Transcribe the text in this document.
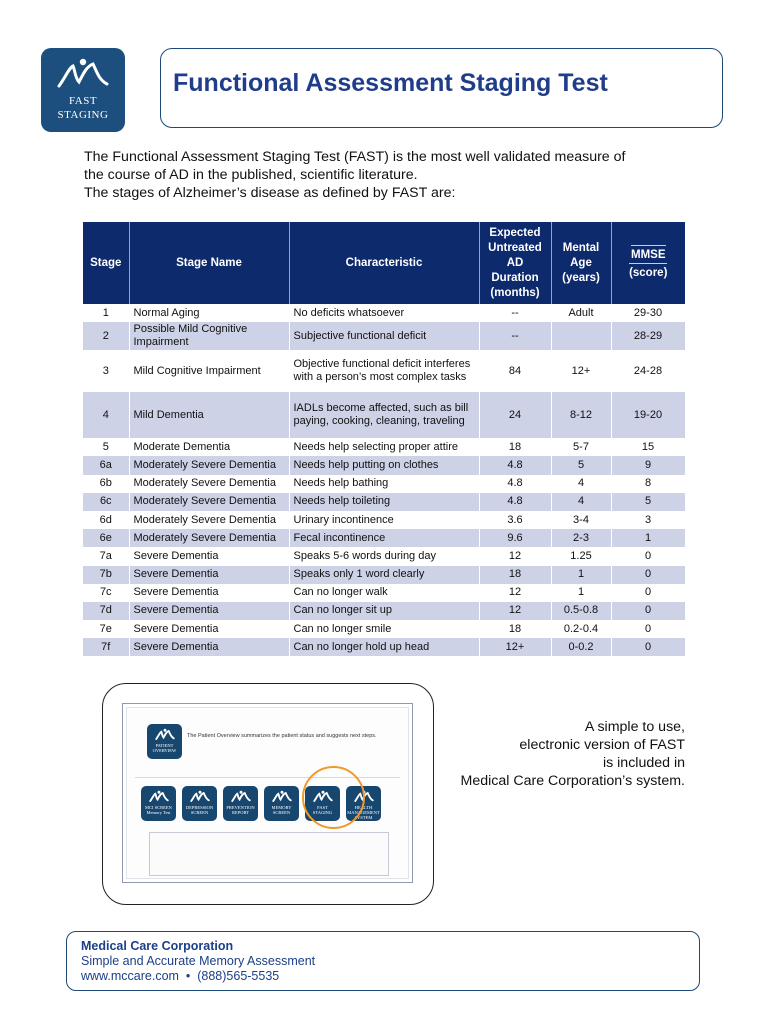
FAST
STAGING
Functional Assessment Staging Test

The Functional Assessment Staging Test (FAST) is the most well validated measure of

the course of AD in the published, scientific literature.

The stages of Alzheimer’s disease as defined by FAST are:

Stage	Stage Name	Characteristic	Expected
Untreated
AD
Duration
(months)	Mental
Age
(years)	MMSE
(score)
1	Normal Aging	No deficits whatsoever	--	Adult	29-30
2	Possible Mild Cognitive Impairment	Subjective functional deficit	--		28-29
3	Mild Cognitive Impairment	Objective functional deficit interferes with a person’s most complex tasks	84	12+	24-28
4	Mild Dementia	IADLs become affected, such as bill paying, cooking, cleaning, traveling	24	8-12	19-20
5	Moderate Dementia	Needs help selecting proper attire	18	5-7	15
6a	Moderately Severe Dementia	Needs help putting on clothes	4.8	5	9
6b	Moderately Severe Dementia	Needs help bathing	4.8	4	8
6c	Moderately Severe Dementia	Needs help toileting	4.8	4	5
6d	Moderately Severe Dementia	Urinary incontinence	3.6	3-4	3
6e	Moderately Severe Dementia	Fecal incontinence	9.6	2-3	1
7a	Severe Dementia	Speaks 5-6 words during day	12	1.25	0
7b	Severe Dementia	Speaks only 1 word clearly	18	1	0
7c	Severe Dementia	Can no longer walk	12	1	0
7d	Severe Dementia	Can no longer sit up	12	0.5-0.8	0
7e	Severe Dementia	Can no longer smile	18	0.2-0.4	0
7f	Severe Dementia	Can no longer hold up head	12+	0-0.2	0
PATIENT
OVERVIEW
The Patient Overview summarizes the patient status and suggests next steps.
MCI SCREEN
Memory Test
DEPRESSION
SCREEN
PREVENTION
REPORT
MEMORY
SCREEN
FAST
STAGING
HEALTH
MANAGEMENT SYSTEM
A simple to use,
electronic version of FAST
is included in
Medical Care Corporation’s system.
Medical Care Corporation
Simple and Accurate Memory Assessment
www.mccare.com • (888)565-5535
